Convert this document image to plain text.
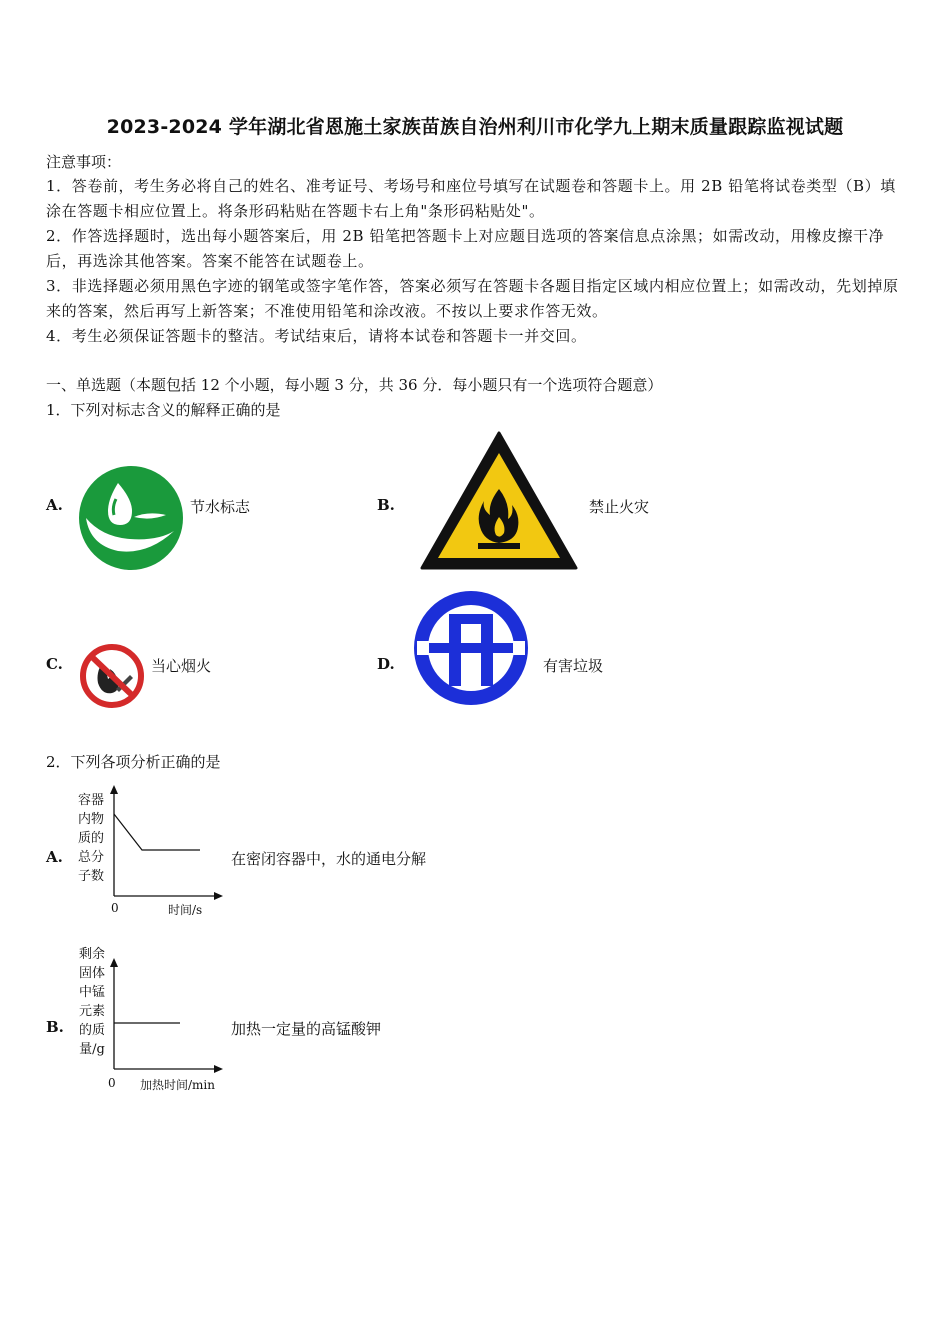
2023-2024 学年湖北省恩施土家族苗族自治州利川市化学九上期末质量跟踪监视试题
注意事项：
1．答卷前，考生务必将自己的姓名、准考证号、考场号和座位号填写在试题卷和答题卡上。用 2B 铅笔将试卷类型（B）填涂在答题卡相应位置上。将条形码粘贴在答题卡右上角"条形码粘贴处"。
2．作答选择题时，选出每小题答案后，用 2B 铅笔把答题卡上对应题目选项的答案信息点涂黑；如需改动，用橡皮擦干净后，再选涂其他答案。答案不能答在试题卷上。
3．非选择题必须用黑色字迹的钢笔或签字笔作答，答案必须写在答题卡各题目指定区域内相应位置上；如需改动，先划掉原来的答案，然后再写上新答案；不准使用铅笔和涂改液。不按以上要求作答无效。
4．考生必须保证答题卡的整洁。考试结束后，请将本试卷和答题卡一并交回。
一、单选题（本题包括 12 个小题，每小题 3 分，共 36 分．每小题只有一个选项符合题意）
1．下列对标志含义的解释正确的是
A.	节水标志	B.	禁止火灾
C.	当心烟火	D.	有害垃圾
2．下列各项分析正确的是
A.
容器
内物
质的
总分
子数
0	时间/s
在密闭容器中，水的通电分解
B.
剩余
固体
中锰
元素
的质
量/g
0 加热时间/min
加热一定量的高锰酸钾
